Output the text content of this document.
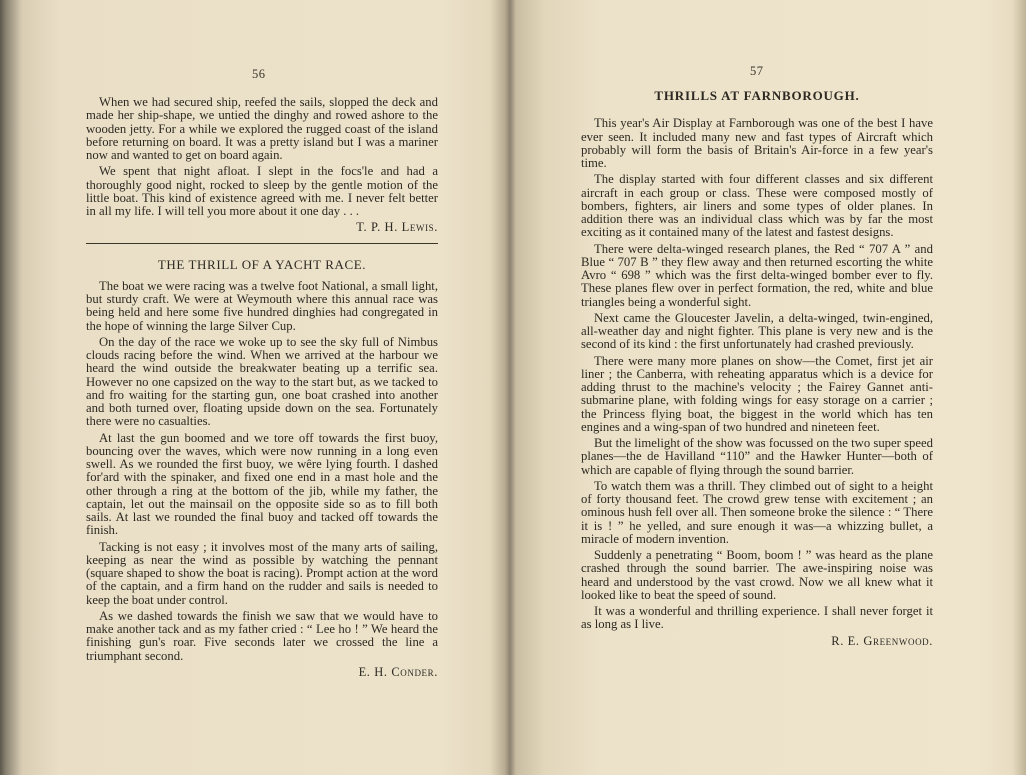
56

When we had secured ship, reefed the sails, slopped the deck and made her ship-shape, we untied the dinghy and rowed ashore to the wooden jetty. For a while we explored the rugged coast of the island before returning on board. It was a pretty island but I was a mariner now and wanted to get on board again.

We spent that night afloat. I slept in the focs'le and had a thoroughly good night, rocked to sleep by the gentle motion of the little boat. This kind of existence agreed with me. I never felt better in all my life. I will tell you more about it one day . . .

T. P. H. Lewis.
THE THRILL OF A YACHT RACE.

The boat we were racing was a twelve foot National, a small light, but sturdy craft. We were at Weymouth where this annual race was being held and here some five hundred dinghies had congregated in the hope of winning the large Silver Cup.

On the day of the race we woke up to see the sky full of Nimbus clouds racing before the wind. When we arrived at the harbour we heard the wind outside the breakwater beating up a terrific sea. However no one capsized on the way to the start but, as we tacked to and fro waiting for the starting gun, one boat crashed into another and both turned over, floating upside down on the sea. Fortunately there were no casualties.

At last the gun boomed and we tore off towards the first buoy, bouncing over the waves, which were now running in a long even swell. As we rounded the first buoy, we wêre lying fourth. I dashed for'ard with the spinaker, and fixed one end in a mast hole and the other through a ring at the bottom of the jib, while my father, the captain, let out the mainsail on the opposite side so as to fill both sails. At last we rounded the final buoy and tacked off towards the finish.

Tacking is not easy ; it involves most of the many arts of sailing, keeping as near the wind as possible by watching the pennant (square shaped to show the boat is racing). Prompt action at the word of the captain, and a firm hand on the rudder and sails is needed to keep the boat under control.

As we dashed towards the finish we saw that we would have to make another tack and as my father cried : “ Lee ho ! ” We heard the finishing gun's roar. Five seconds later we crossed the line a triumphant second.

E. H. Conder.
57
THRILLS AT FARNBOROUGH.

This year's Air Display at Farnborough was one of the best I have ever seen. It included many new and fast types of Aircraft which probably will form the basis of Britain's Air-force in a few year's time.

The display started with four different classes and six different aircraft in each group or class. These were composed mostly of bombers, fighters, air liners and some types of older planes. In addition there was an individual class which was by far the most exciting as it contained many of the latest and fastest designs.

There were delta-winged research planes, the Red “ 707 A ” and Blue “ 707 B ” they flew away and then returned escorting the white Avro “ 698 ” which was the first delta-winged bomber ever to fly. These planes flew over in perfect formation, the red, white and blue triangles being a wonderful sight.

Next came the Gloucester Javelin, a delta-winged, twin-engined, all-weather day and night fighter. This plane is very new and is the second of its kind : the first unfortunately had crashed previously.

There were many more planes on show—the Comet, first jet air liner ; the Canberra, with reheating apparatus which is a device for adding thrust to the machine's velocity ; the Fairey Gannet anti-submarine plane, with folding wings for easy storage on a carrier ; the Princess flying boat, the biggest in the world which has ten engines and a wing-span of two hundred and nineteen feet.

But the limelight of the show was focussed on the two super speed planes—the de Havilland “110” and the Hawker Hunter—both of which are capable of flying through the sound barrier.

To watch them was a thrill. They climbed out of sight to a height of forty thousand feet. The crowd grew tense with excitement ; an ominous hush fell over all. Then someone broke the silence : “ There it is ! ” he yelled, and sure enough it was—a whizzing bullet, a miracle of modern invention.

Suddenly a penetrating “ Boom, boom ! ” was heard as the plane crashed through the sound barrier. The awe-inspiring noise was heard and understood by the vast crowd. Now we all knew what it looked like to beat the speed of sound.

It was a wonderful and thrilling experience. I shall never forget it as long as I live.

R. E. Greenwood.
